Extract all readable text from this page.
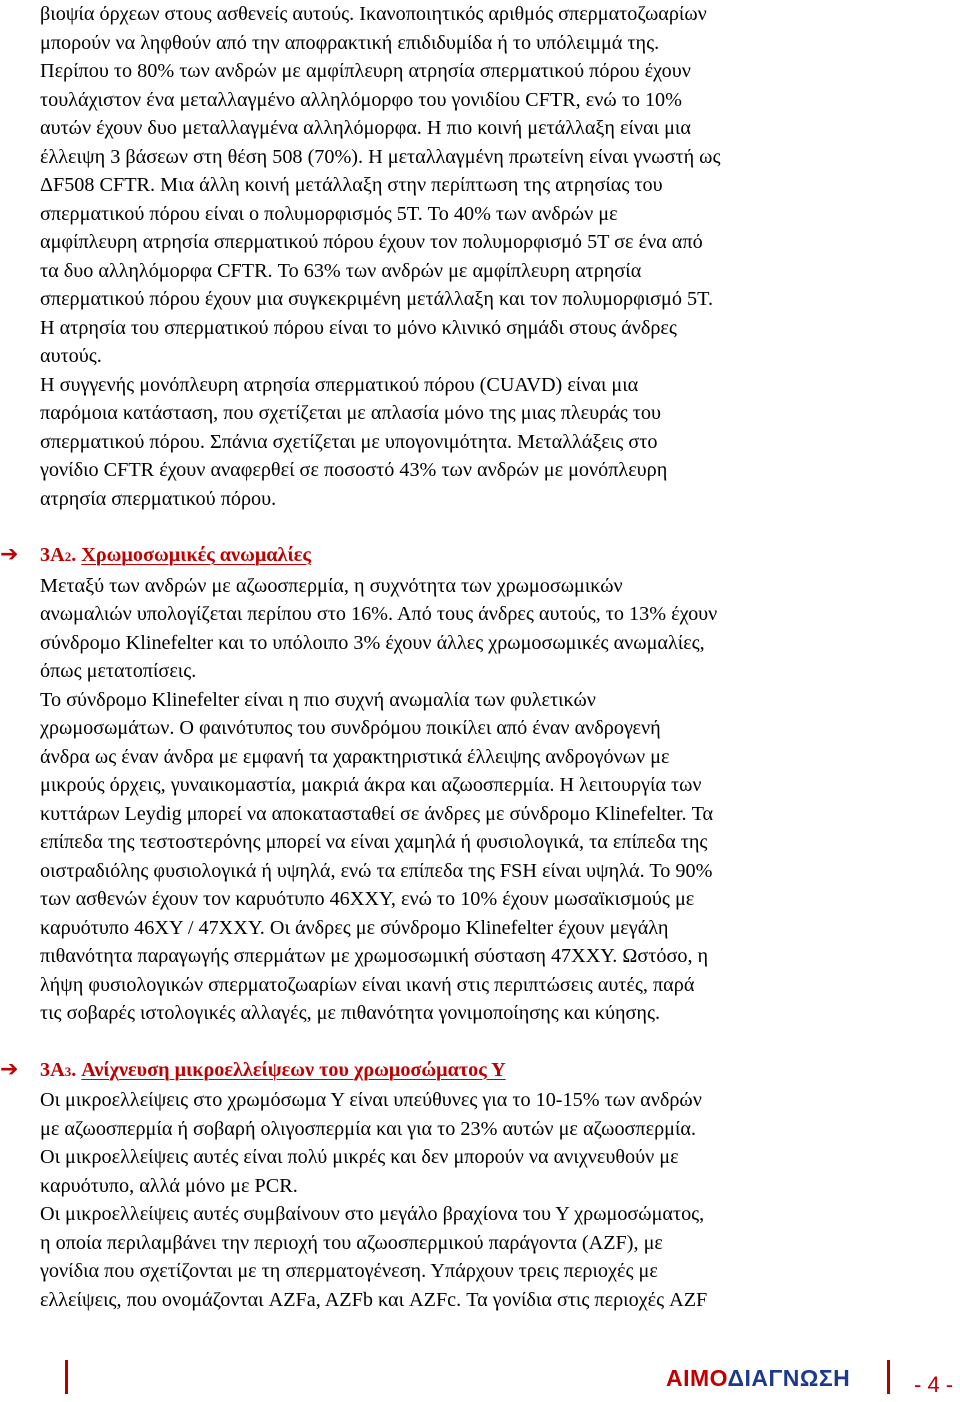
βιοψία όρχεων στους ασθενείς αυτούς. Ικανοποιητικός αριθμός σπερματοζωαρίων

μπορούν να ληφθούν από την αποφρακτική επιδιδυμίδα ή το υπόλειμμά της.

Περίπου το 80% των ανδρών με αμφίπλευρη ατρησία σπερματικού πόρου έχουν

τουλάχιστον ένα μεταλλαγμένο αλληλόμορφο του γονιδίου CFTR, ενώ το 10%

αυτών έχουν δυο μεταλλαγμένα αλληλόμορφα. Η πιο κοινή μετάλλαξη είναι μια

έλλειψη 3 βάσεων στη θέση 508 (70%). Η μεταλλαγμένη πρωτείνη είναι γνωστή ως

ΔF508 CFTR. Μια άλλη κοινή μετάλλαξη στην περίπτωση της ατρησίας του

σπερματικού πόρου είναι ο πολυμορφισμός 5T. Το 40% των ανδρών με

αμφίπλευρη ατρησία σπερματικού πόρου έχουν τον πολυμορφισμό 5T σε ένα από

τα δυο αλληλόμορφα CFTR. Το 63% των ανδρών με αμφίπλευρη ατρησία

σπερματικού πόρου έχουν μια συγκεκριμένη μετάλλαξη και τον πολυμορφισμό 5T.

Η ατρησία του σπερματικού πόρου είναι το μόνο κλινικό σημάδι στους άνδρες

αυτούς.

Η συγγενής μονόπλευρη ατρησία σπερματικού πόρου (CUAVD) είναι μια

παρόμοια κατάσταση, που σχετίζεται με απλασία μόνο της μιας πλευράς του

σπερματικού πόρου. Σπάνια σχετίζεται με υπογονιμότητα. Μεταλλάξεις στο

γονίδιο CFTR έχουν αναφερθεί σε ποσοστό 43% των ανδρών με μονόπλευρη

ατρησία σπερματικού πόρου.

➔	3A2. Χρωμοσωμικές ανωμαλίες

Μεταξύ των ανδρών με αζωοσπερμία, η συχνότητα των χρωμοσωμικών

ανωμαλιών υπολογίζεται περίπου στο 16%. Από τους άνδρες αυτούς, το 13% έχουν

σύνδρομο Klinefelter και το υπόλοιπο 3% έχουν άλλες χρωμοσωμικές ανωμαλίες,

όπως μετατοπίσεις.

Το σύνδρομο Klinefelter είναι η πιο συχνή ανωμαλία των φυλετικών

χρωμοσωμάτων. Ο φαινότυπος του συνδρόμου ποικίλει από έναν ανδρογενή

άνδρα ως έναν άνδρα με εμφανή τα χαρακτηριστικά έλλειψης ανδρογόνων με

μικρούς όρχεις, γυναικομαστία, μακριά άκρα και αζωοσπερμία. Η λειτουργία των

κυττάρων Leydig μπορεί να αποκατασταθεί σε άνδρες με σύνδρομο Klinefelter. Τα

επίπεδα της τεστοστερόνης μπορεί να είναι χαμηλά ή φυσιολογικά, τα επίπεδα της

οιστραδιόλης φυσιολογικά ή υψηλά, ενώ τα επίπεδα της FSH είναι υψηλά. Το 90%

των ασθενών έχουν τον καρυότυπο 46XXY, ενώ το 10% έχουν μωσαϊκισμούς με

καρυότυπο 46XY / 47XXY. Οι άνδρες με σύνδρομο Klinefelter έχουν μεγάλη

πιθανότητα παραγωγής σπερμάτων με χρωμοσωμική σύσταση 47XXY. Ωστόσο, η

λήψη φυσιολογικών σπερματοζωαρίων είναι ικανή στις περιπτώσεις αυτές, παρά

τις σοβαρές ιστολογικές αλλαγές, με πιθανότητα γονιμοποίησης και κύησης.

➔	3A3. Ανίχνευση μικροελλείψεων του χρωμοσώματος Υ

Οι μικροελλείψεις στο χρωμόσωμα Υ είναι υπεύθυνες για το 10-15% των ανδρών

με αζωοσπερμία ή σοβαρή ολιγοσπερμία και για το 23% αυτών με αζωοσπερμία.

Οι μικροελλείψεις αυτές είναι πολύ μικρές και δεν μπορούν να ανιχνευθούν με

καρυότυπο, αλλά μόνο με PCR.

Οι μικροελλείψεις αυτές συμβαίνουν στο μεγάλο βραχίονα του Υ χρωμοσώματος,

η οποία περιλαμβάνει την περιοχή του αζωοσπερμικού παράγοντα (AZF), με

γονίδια που σχετίζονται με τη σπερματογένεση. Υπάρχουν τρεις περιοχές με

ελλείψεις, που ονομάζονται AZFa, AZFb και AZFc. Τα γονίδια στις περιοχές AZF

ΑΙΜΟΔΙΑΓΝΩΣΗ	- 4 -
